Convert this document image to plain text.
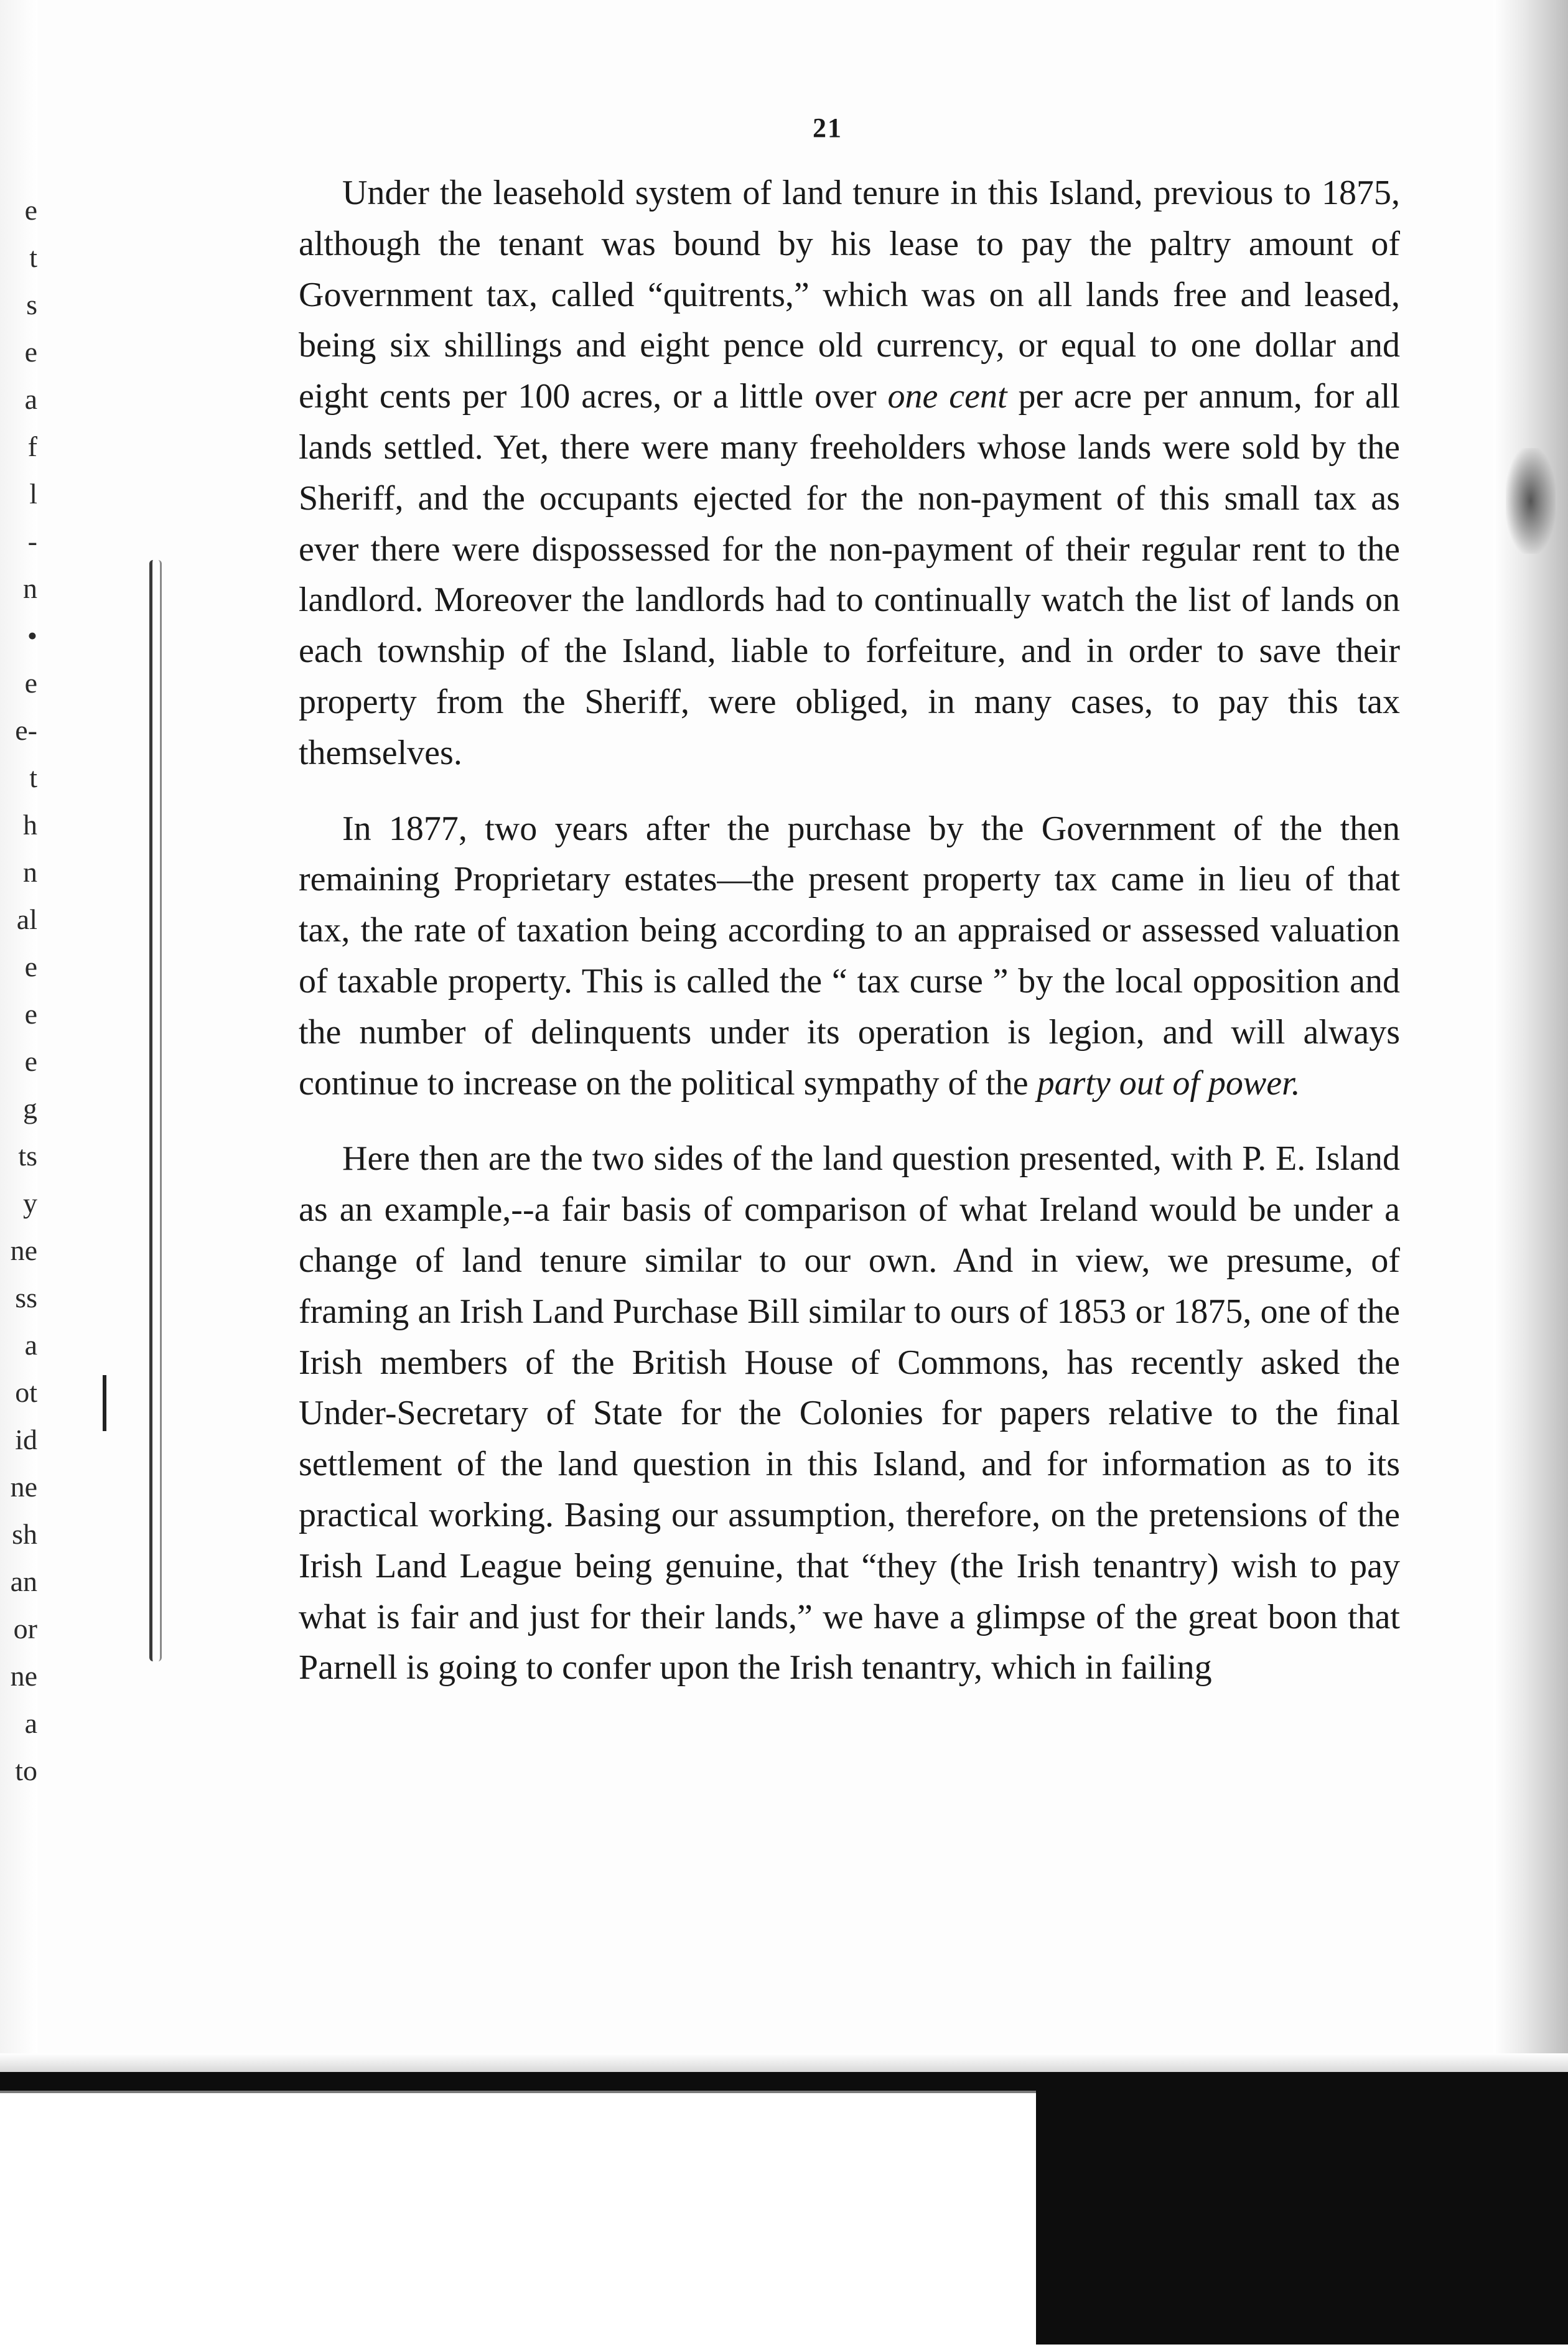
e
t
s
e
a
f
l
-
n
•
e
e-
t
h
n
al
e
e
e
g
ts
y
ne
ss
a
ot
id
ne
sh
an
or
ne
a
to
21

Under the leasehold system of land tenure in this Island, previous to 1875, although the tenant was bound by his lease to pay the paltry amount of Government tax, called “quitrents,” which was on all lands free and leased, being six shillings and eight pence old currency, or equal to one dollar and eight cents per 100 acres, or a little over one cent per acre per annum, for all lands settled. Yet, there were many freeholders whose lands were sold by the Sheriff, and the occupants ejected for the non-payment of this small tax as ever there were dispossessed for the non-payment of their regular rent to the landlord. Moreover the landlords had to continually watch the list of lands on each township of the Island, liable to forfeiture, and in order to save their property from the Sheriff, were obliged, in many cases, to pay this tax themselves.

In 1877, two years after the purchase by the Government of the then remaining Proprietary estates—the present property tax came in lieu of that tax, the rate of taxation being according to an appraised or assessed valuation of taxable property. This is called the “ tax curse ” by the local opposition and the number of delinquents under its operation is legion, and will always continue to increase on the political sympathy of the party out of power.

Here then are the two sides of the land question presented, with P. E. Island as an example,--a fair basis of comparison of what Ireland would be under a change of land tenure similar to our own. And in view, we presume, of framing an Irish Land Purchase Bill similar to ours of 1853 or 1875, one of the Irish members of the British House of Commons, has recently asked the Under-Secretary of State for the Colonies for papers relative to the final settlement of the land question in this Island, and for information as to its practical working. Basing our assumption, therefore, on the pretensions of the Irish Land League being genuine, that “they (the Irish tenantry) wish to pay what is fair and just for their lands,” we have a glimpse of the great boon that Parnell is going to confer upon the Irish tenantry, which in failing
